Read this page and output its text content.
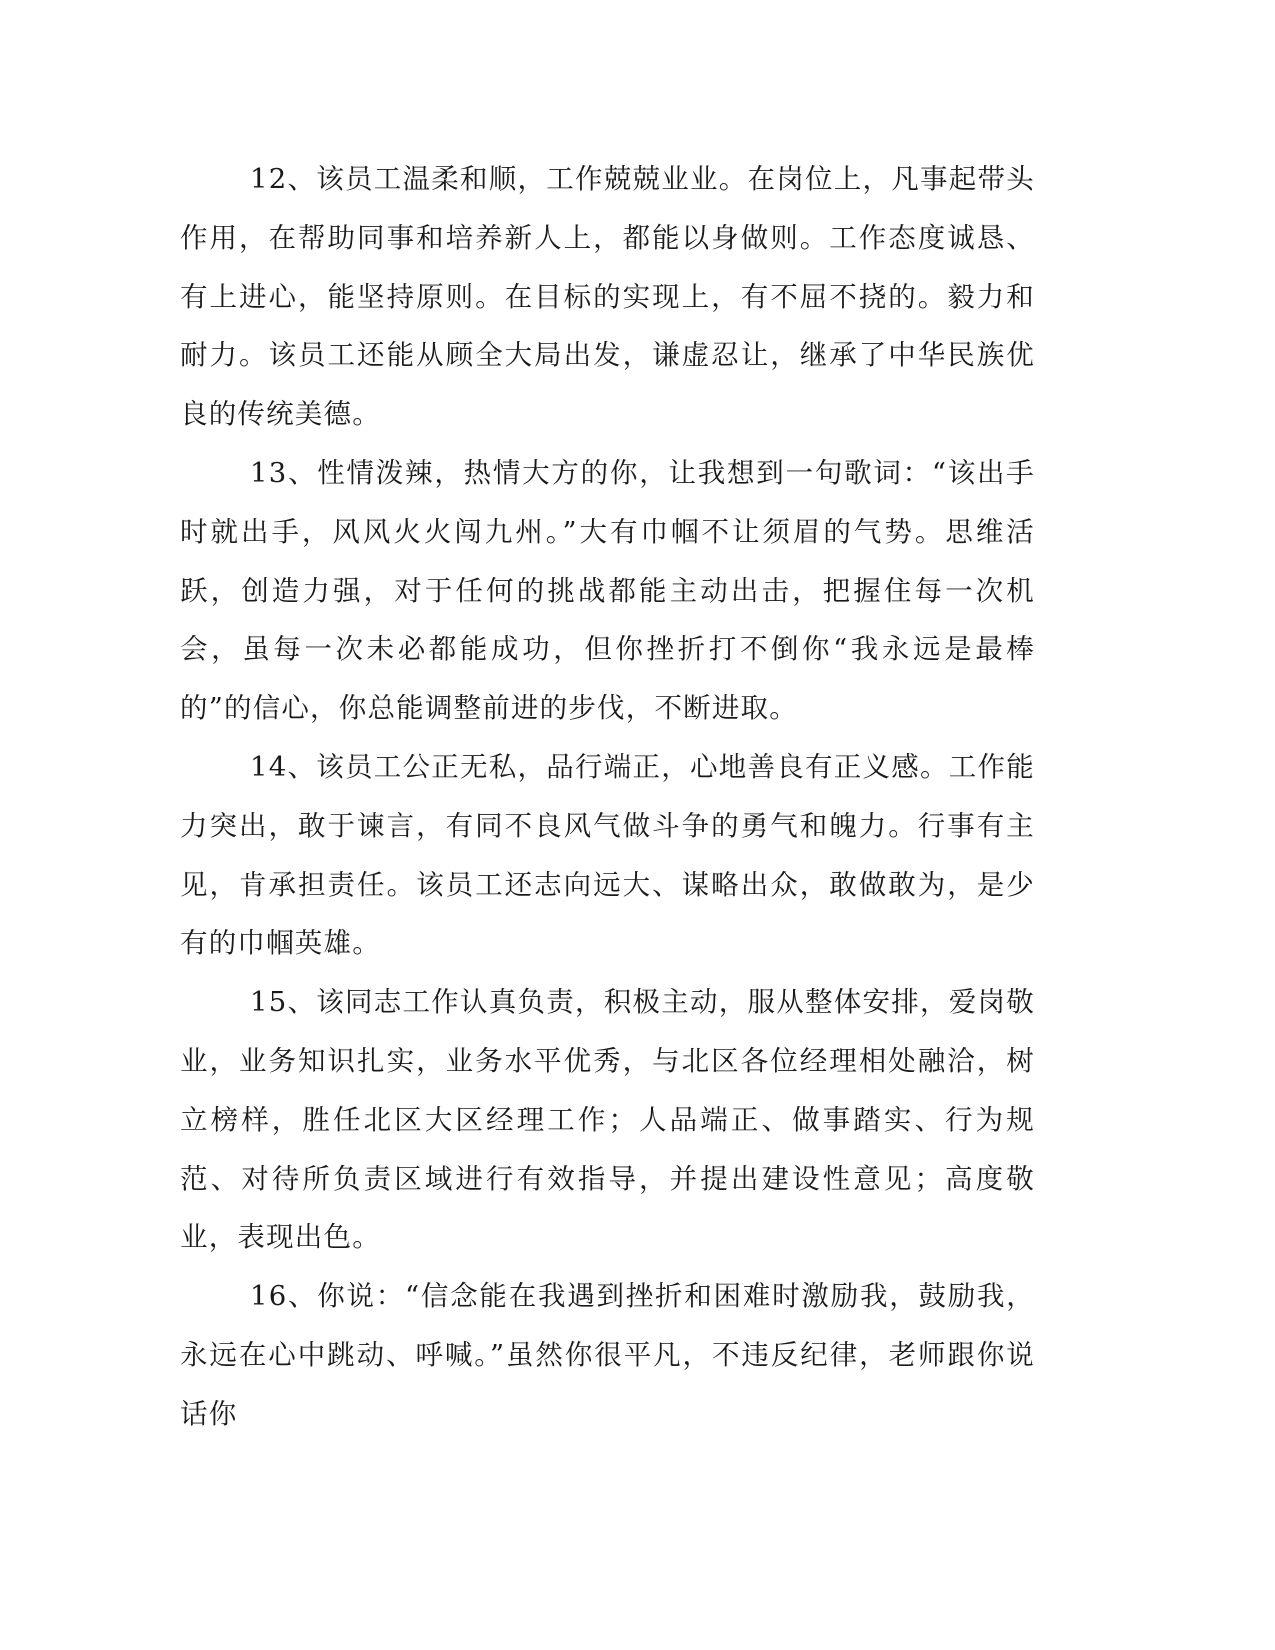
12、该员工温柔和顺，工作兢兢业业。在岗位上，凡事起带头作用，在帮助同事和培养新人上，都能以身做则。工作态度诚恳、有上进心，能坚持原则。在目标的实现上，有不屈不挠的。毅力和耐力。该员工还能从顾全大局出发，谦虚忍让，继承了中华民族优良的传统美德。

13、性情泼辣，热情大方的你，让我想到一句歌词：“该出手时就出手，风风火火闯九州。”大有巾帼不让须眉的气势。思维活跃，创造力强，对于任何的挑战都能主动出击，把握住每一次机会，虽每一次未必都能成功，但你挫折打不倒你“我永远是最棒的”的信心，你总能调整前进的步伐，不断进取。

14、该员工公正无私，品行端正，心地善良有正义感。工作能力突出，敢于谏言，有同不良风气做斗争的勇气和魄力。行事有主见，肯承担责任。该员工还志向远大、谋略出众，敢做敢为，是少有的巾帼英雄。

15、该同志工作认真负责，积极主动，服从整体安排，爱岗敬业，业务知识扎实，业务水平优秀，与北区各位经理相处融洽，树立榜样，胜任北区大区经理工作；人品端正、做事踏实、行为规范、对待所负责区域进行有效指导，并提出建设性意见；高度敬业，表现出色。

16、你说：“信念能在我遇到挫折和困难时激励我，鼓励我，永远在心中跳动、呼喊。”虽然你很平凡，不违反纪律，老师跟你说话你
